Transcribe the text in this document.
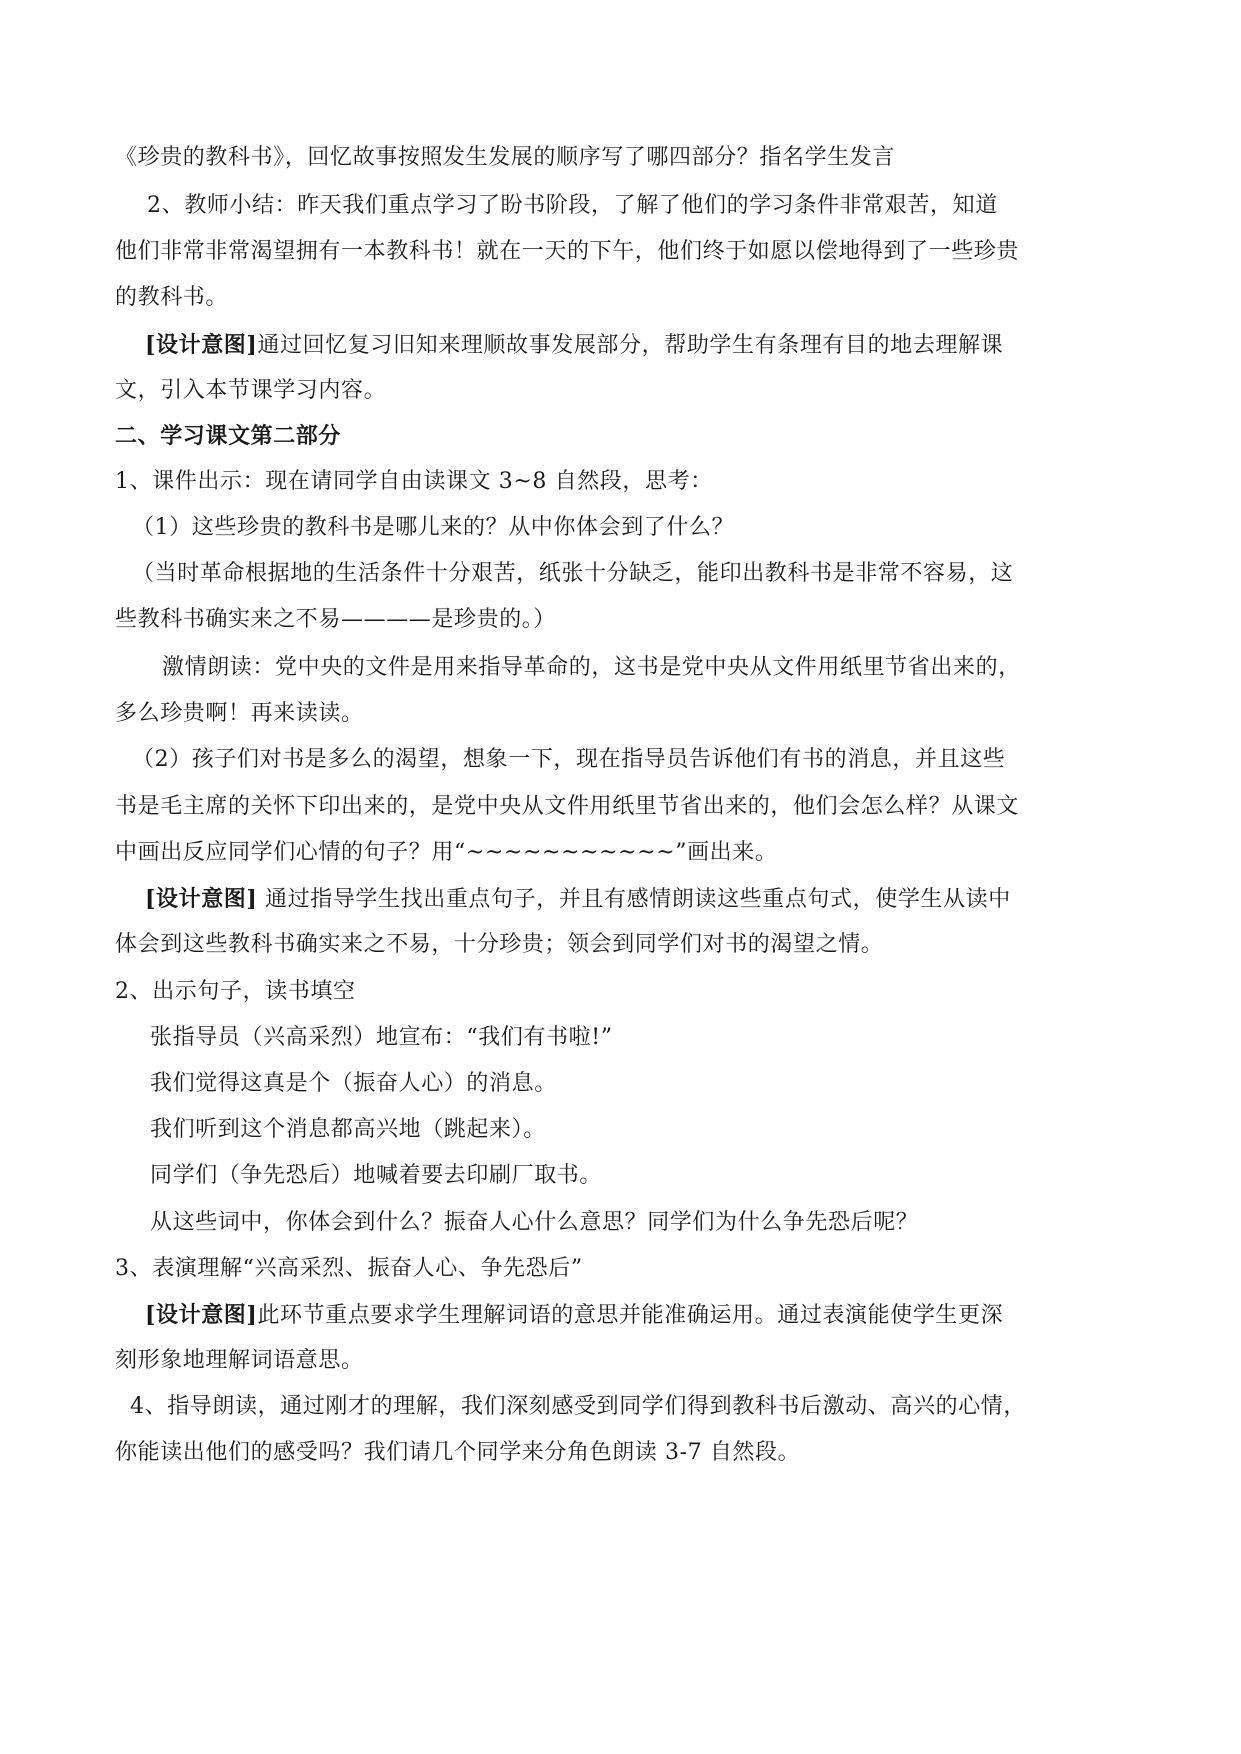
《珍贵的教科书》，回忆故事按照发生发展的顺序写了哪四部分？指名学生发言
2、教师小结：昨天我们重点学习了盼书阶段，了解了他们的学习条件非常艰苦，知道
他们非常非常渴望拥有一本教科书！就在一天的下午，他们终于如愿以偿地得到了一些珍贵
的教科书。
[设计意图]通过回忆复习旧知来理顺故事发展部分，帮助学生有条理有目的地去理解课
文，引入本节课学习内容。
二、学习课文第二部分
1、课件出示：现在请同学自由读课文 3~8 自然段，思考：
（1）这些珍贵的教科书是哪儿来的？从中你体会到了什么？
（当时革命根据地的生活条件十分艰苦，纸张十分缺乏，能印出教科书是非常不容易，这
些教科书确实来之不易————是珍贵的。）
激情朗读：党中央的文件是用来指导革命的，这书是党中央从文件用纸里节省出来的，
多么珍贵啊！再来读读。
（2）孩子们对书是多么的渴望，想象一下，现在指导员告诉他们有书的消息，并且这些
书是毛主席的关怀下印出来的，是党中央从文件用纸里节省出来的，他们会怎么样？从课文
中画出反应同学们心情的句子？用“~~~~~~~~~~~”画出来。
[设计意图] 通过指导学生找出重点句子，并且有感情朗读这些重点句式，使学生从读中
体会到这些教科书确实来之不易，十分珍贵；领会到同学们对书的渴望之情。
2、出示句子，读书填空
张指导员（兴高采烈）地宣布：“我们有书啦!”
我们觉得这真是个（振奋人心）的消息。
我们听到这个消息都高兴地（跳起来）。
同学们（争先恐后）地喊着要去印刷厂取书。
从这些词中，你体会到什么？振奋人心什么意思？同学们为什么争先恐后呢？
3、表演理解“兴高采烈、振奋人心、争先恐后”
[设计意图]此环节重点要求学生理解词语的意思并能准确运用。通过表演能使学生更深
刻形象地理解词语意思。
4、指导朗读，通过刚才的理解，我们深刻感受到同学们得到教科书后激动、高兴的心情，
你能读出他们的感受吗？我们请几个同学来分角色朗读 3-7 自然段。
